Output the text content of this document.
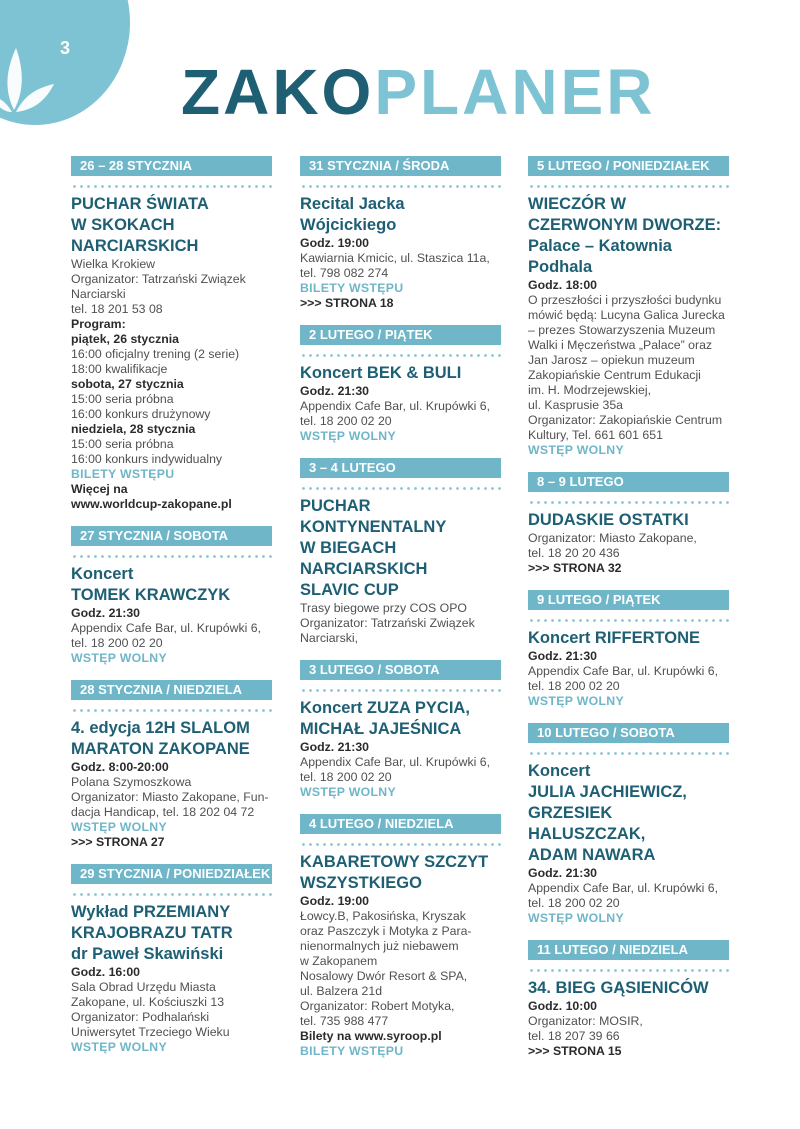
3
ZAKOPLANER
26 – 28 STYCZNIA
PUCHAR ŚWIATA
W SKOKACH
NARCIARSKICH
Wielka Krokiew
Organizator: Tatrzański Związek
Narciarski
tel. 18 201 53 08
Program:
piątek, 26 stycznia
16:00 oficjalny trening (2 serie)
18:00 kwalifikacje
sobota, 27 stycznia
15:00 seria próbna
16:00 konkurs drużynowy
niedziela, 28 stycznia
15:00 seria próbna
16:00 konkurs indywidualny
BILETY WSTĘPU
Więcej na
www.worldcup-zakopane.pl
27 STYCZNIA / SOBOTA
Koncert
TOMEK KRAWCZYK
Godz. 21:30
Appendix Cafe Bar, ul. Krupówki 6,
tel. 18 200 02 20
WSTĘP WOLNY
28 STYCZNIA / NIEDZIELA
4. edycja 12H SLALOM
MARATON ZAKOPANE
Godz. 8:00-20:00
Polana Szymoszkowa
Organizator: Miasto Zakopane, Fun-
dacja Handicap, tel. 18 202 04 72
WSTĘP WOLNY
>>> STRONA 27
29 STYCZNIA / PONIEDZIAŁEK
Wykład PRZEMIANY
KRAJOBRAZU TATR
dr Paweł Skawiński
Godz. 16:00
Sala Obrad Urzędu Miasta
Zakopane, ul. Kościuszki 13
Organizator: Podhalański
Uniwersytet Trzeciego Wieku
WSTĘP WOLNY
31 STYCZNIA / ŚRODA
Recital Jacka Wójcickiego
Godz. 19:00
Kawiarnia Kmicic, ul. Staszica 11a,
tel. 798 082 274
BILETY WSTĘPU
>>> STRONA 18
2 LUTEGO / PIĄTEK
Koncert BEK & BULI
Godz. 21:30
Appendix Cafe Bar, ul. Krupówki 6,
tel. 18 200 02 20
WSTĘP WOLNY
3 – 4 LUTEGO
PUCHAR
KONTYNENTALNY
W BIEGACH
NARCIARSKICH
SLAVIC CUP
Trasy biegowe przy COS OPO
Organizator: Tatrzański Związek
Narciarski,
3 LUTEGO / SOBOTA
Koncert ZUZA PYCIA,
MICHAŁ JAJEŚNICA
Godz. 21:30
Appendix Cafe Bar, ul. Krupówki 6,
tel. 18 200 02 20
WSTĘP WOLNY
4 LUTEGO / NIEDZIELA
KABARETOWY SZCZYT
WSZYSTKIEGO
Godz. 19:00
Łowcy.B, Pakosińska, Kryszak
oraz Paszczyk i Motyka z Para-
nienormalnych już niebawem
w Zakopanem
Nosalowy Dwór Resort & SPA,
ul. Balzera 21d
Organizator: Robert Motyka,
tel. 735 988 477
Bilety na www.syroop.pl
BILETY WSTĘPU
5 LUTEGO / PONIEDZIAŁEK
WIECZÓR W
CZERWONYM DWORZE:
Palace – Katownia
Podhala
Godz. 18:00
O przeszłości i przyszłości budynku
mówić będą: Lucyna Galica Jurecka
– prezes Stowarzyszenia Muzeum
Walki i Męczeństwa „Palace” oraz
Jan Jarosz – opiekun muzeum
Zakopiańskie Centrum Edukacji
im. H. Modrzejewskiej,
ul. Kasprusie 35a
Organizator: Zakopiańskie Centrum
Kultury, Tel. 661 601 651
WSTĘP WOLNY
8 – 9 LUTEGO
DUDASKIE OSTATKI
Organizator: Miasto Zakopane,
tel. 18 20 20 436
>>> STRONA 32
9 LUTEGO / PIĄTEK
Koncert RIFFERTONE
Godz. 21:30
Appendix Cafe Bar, ul. Krupówki 6,
tel. 18 200 02 20
WSTĘP WOLNY
10 LUTEGO / SOBOTA
Koncert
JULIA JACHIEWICZ,
GRZESIEK HALUSZCZAK,
ADAM NAWARA
Godz. 21:30
Appendix Cafe Bar, ul. Krupówki 6,
tel. 18 200 02 20
WSTĘP WOLNY
11 LUTEGO / NIEDZIELA
34. BIEG GĄSIENICÓW
Godz. 10:00
Organizator: MOSIR,
tel. 18 207 39 66
>>> STRONA 15
